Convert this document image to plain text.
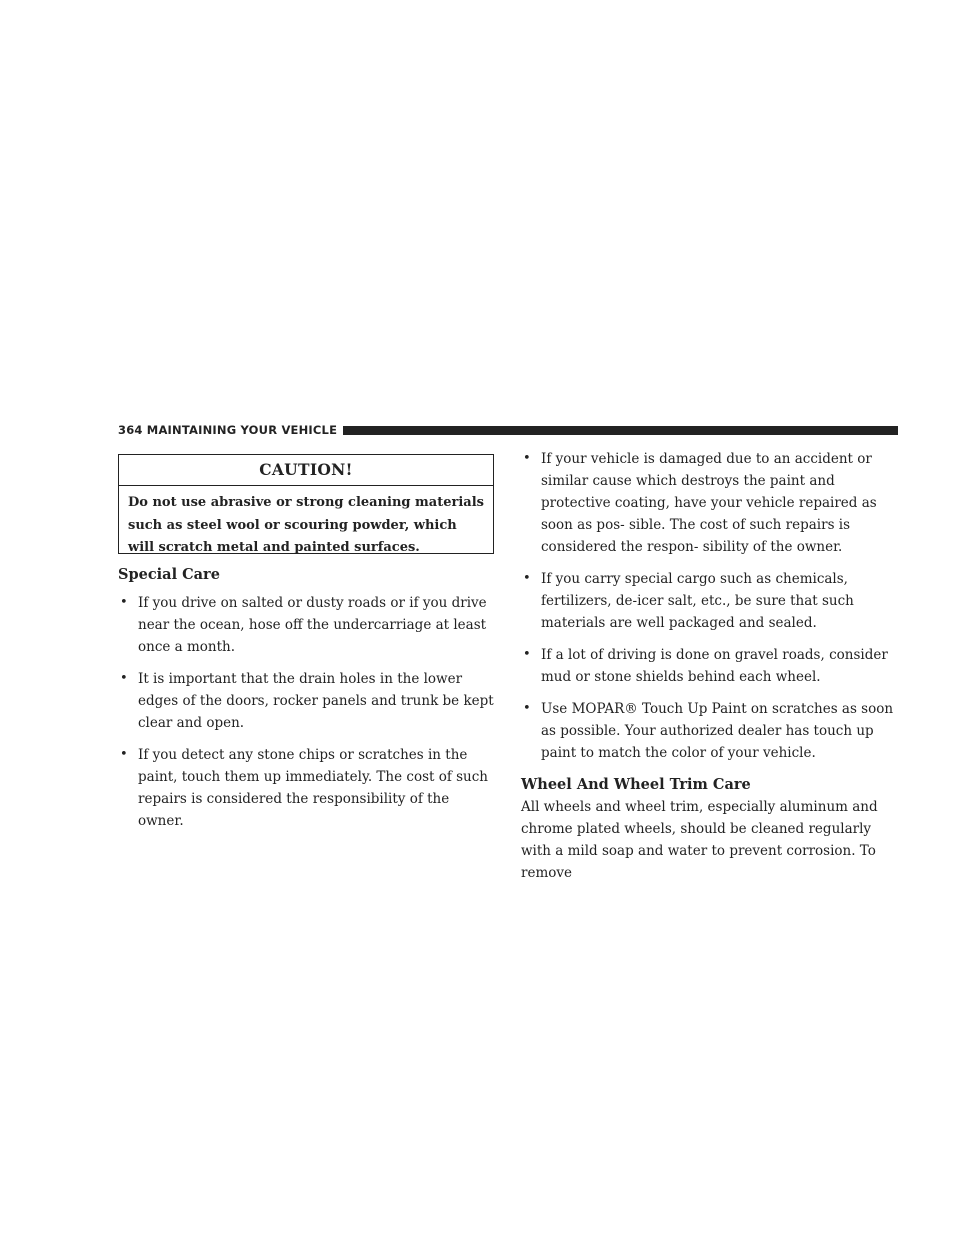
364 MAINTAINING YOUR VEHICLE
CAUTION!
Do not use abrasive or strong cleaning materials such as steel wool or scouring powder, which will scratch metal and painted surfaces.
Special Care
• If you drive on salted or dusty roads or if you drive near the ocean, hose off the undercarriage at least once a month.
• It is important that the drain holes in the lower edges of the doors, rocker panels and trunk be kept clear and open.
• If you detect any stone chips or scratches in the paint, touch them up immediately. The cost of such repairs is considered the responsibility of the owner.
• If your vehicle is damaged due to an accident or similar cause which destroys the paint and protective coating, have your vehicle repaired as soon as pos- sible. The cost of such repairs is considered the respon- sibility of the owner.
• If you carry special cargo such as chemicals, fertilizers, de-icer salt, etc., be sure that such materials are well packaged and sealed.
• If a lot of driving is done on gravel roads, consider mud or stone shields behind each wheel.
• Use MOPAR® Touch Up Paint on scratches as soon as possible. Your authorized dealer has touch up paint to match the color of your vehicle.
Wheel And Wheel Trim Care

All wheels and wheel trim, especially aluminum and chrome plated wheels, should be cleaned regularly with a mild soap and water to prevent corrosion. To remove
